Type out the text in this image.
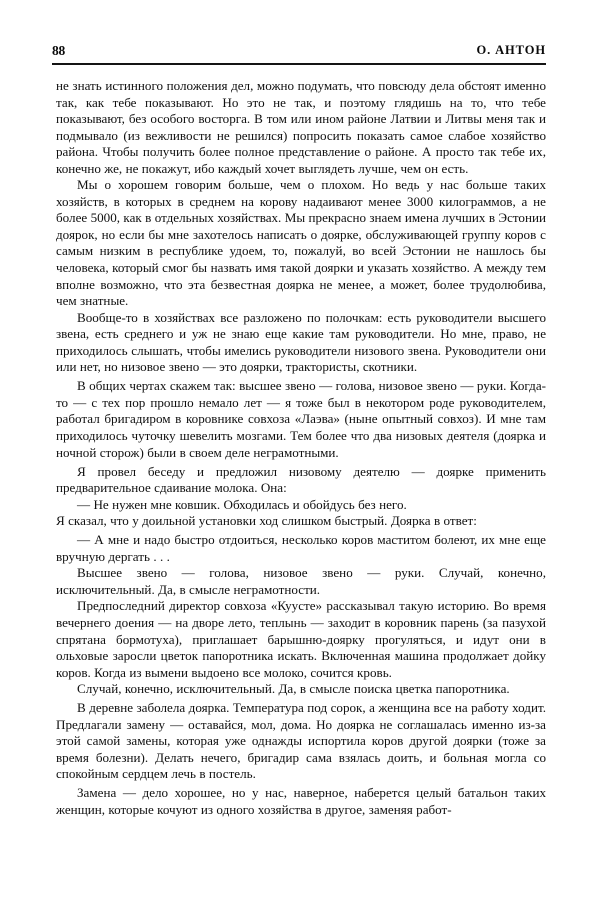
88	О. АНТОН

не знать истинного положения дел, можно подумать, что повсюду дела обстоят именно так, как тебе показывают. Но это не так, и поэтому глядишь на то, что тебе показывают, без особого восторга. В том или ином районе Латвии и Литвы меня так и подмывало (из вежливости не решился) попросить показать самое слабое хозяйство района. Чтобы получить более полное представление о районе. А просто так тебе их, конечно же, не покажут, ибо каждый хочет выглядеть лучше, чем он есть.

Мы о хорошем говорим больше, чем о плохом. Но ведь у нас больше таких хозяйств, в которых в среднем на корову надаивают менее 3000 килограммов, а не более 5000, как в отдельных хозяйствах. Мы прекрасно знаем имена лучших в Эстонии доярок, но если бы мне захотелось написать о доярке, обслуживающей группу коров с самым низким в республике удоем, то, пожалуй, во всей Эстонии не нашлось бы человека, который смог бы назвать имя такой доярки и указать хозяйство. А между тем вполне возможно, что эта безвестная доярка не менее, а может, более трудолюбива, чем знатные.

Вообще-то в хозяйствах все разложено по полочкам: есть руководители высшего звена, есть среднего и уж не знаю еще какие там руководители. Но мне, право, не приходилось слышать, чтобы имелись руководители низового звена. Руководители они или нет, но низовое звено — это доярки, трактористы, скотники.

В общих чертах скажем так: высшее звено — голова, низовое звено — руки. Когда-то — с тех пор прошло немало лет — я тоже был в некотором роде руководителем, работал бригадиром в коровнике совхоза «Лаэва» (ныне опытный совхоз). И мне там приходилось чуточку шевелить мозгами. Тем более что два низовых деятеля (доярка и ночной сторож) были в своем деле неграмотными.

Я провел беседу и предложил низовому деятелю — доярке применить предварительное сдаивание молока. Она:

— Не нужен мне ковшик. Обходилась и обойдусь без него.

Я сказал, что у доильной установки ход слишком быстрый. Доярка в ответ:

— А мне и надо быстро отдоиться, несколько коров маститом болеют, их мне еще вручную дергать . . .

Высшее звено — голова, низовое звено — руки. Случай, конечно, исключительный. Да, в смысле неграмотности.

Предпоследний директор совхоза «Куусте» рассказывал такую историю. Во время вечернего доения — на дворе лето, теплынь — заходит в коровник парень (за пазухой спрятана бормотуха), приглашает барышню-доярку прогуляться, и идут они в ольховые заросли цветок папоротника искать. Включенная машина продолжает дойку коров. Когда из вымени выдоено все молоко, сочится кровь.

Случай, конечно, исключительный. Да, в смысле поиска цветка папоротника.

В деревне заболела доярка. Температура под сорок, а женщина все на работу ходит. Предлагали замену — оставайся, мол, дома. Но доярка не соглашалась именно из-за этой самой замены, которая уже однажды испортила коров другой доярки (тоже за время болезни). Делать нечего, бригадир сама взялась доить, и больная могла со спокойным сердцем лечь в постель.

Замена — дело хорошее, но у нас, наверное, наберется целый батальон таких женщин, которые кочуют из одного хозяйства в другое, заменяя работ-
